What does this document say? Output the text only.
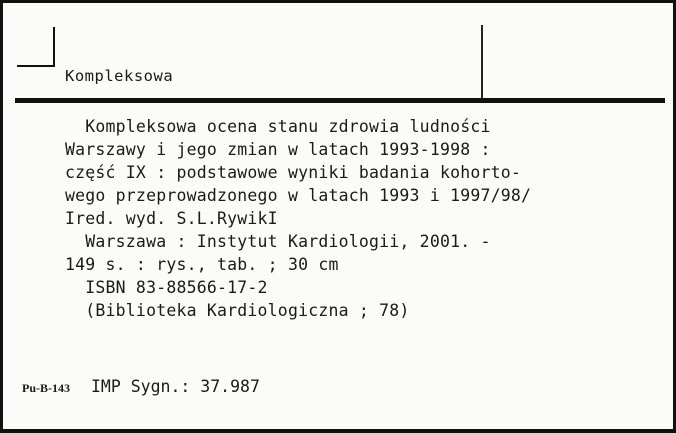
Kompleksowa
Kompleksowa ocena stanu zdrowia ludności
Warszawy i jego zmian w latach 1993-1998 :
część IX : podstawowe wyniki badania kohorto-
wego przeprowadzonego w latach 1993 i 1997/98/
Ired. wyd. S.L.RywikI
Warszawa : Instytut Kardiologii, 2001. -
149 s. : rys., tab. ; 30 cm
ISBN 83-88566-17-2
(Biblioteka Kardiologiczna ; 78)
Pu-B-143 IMP Sygn.: 37.987
